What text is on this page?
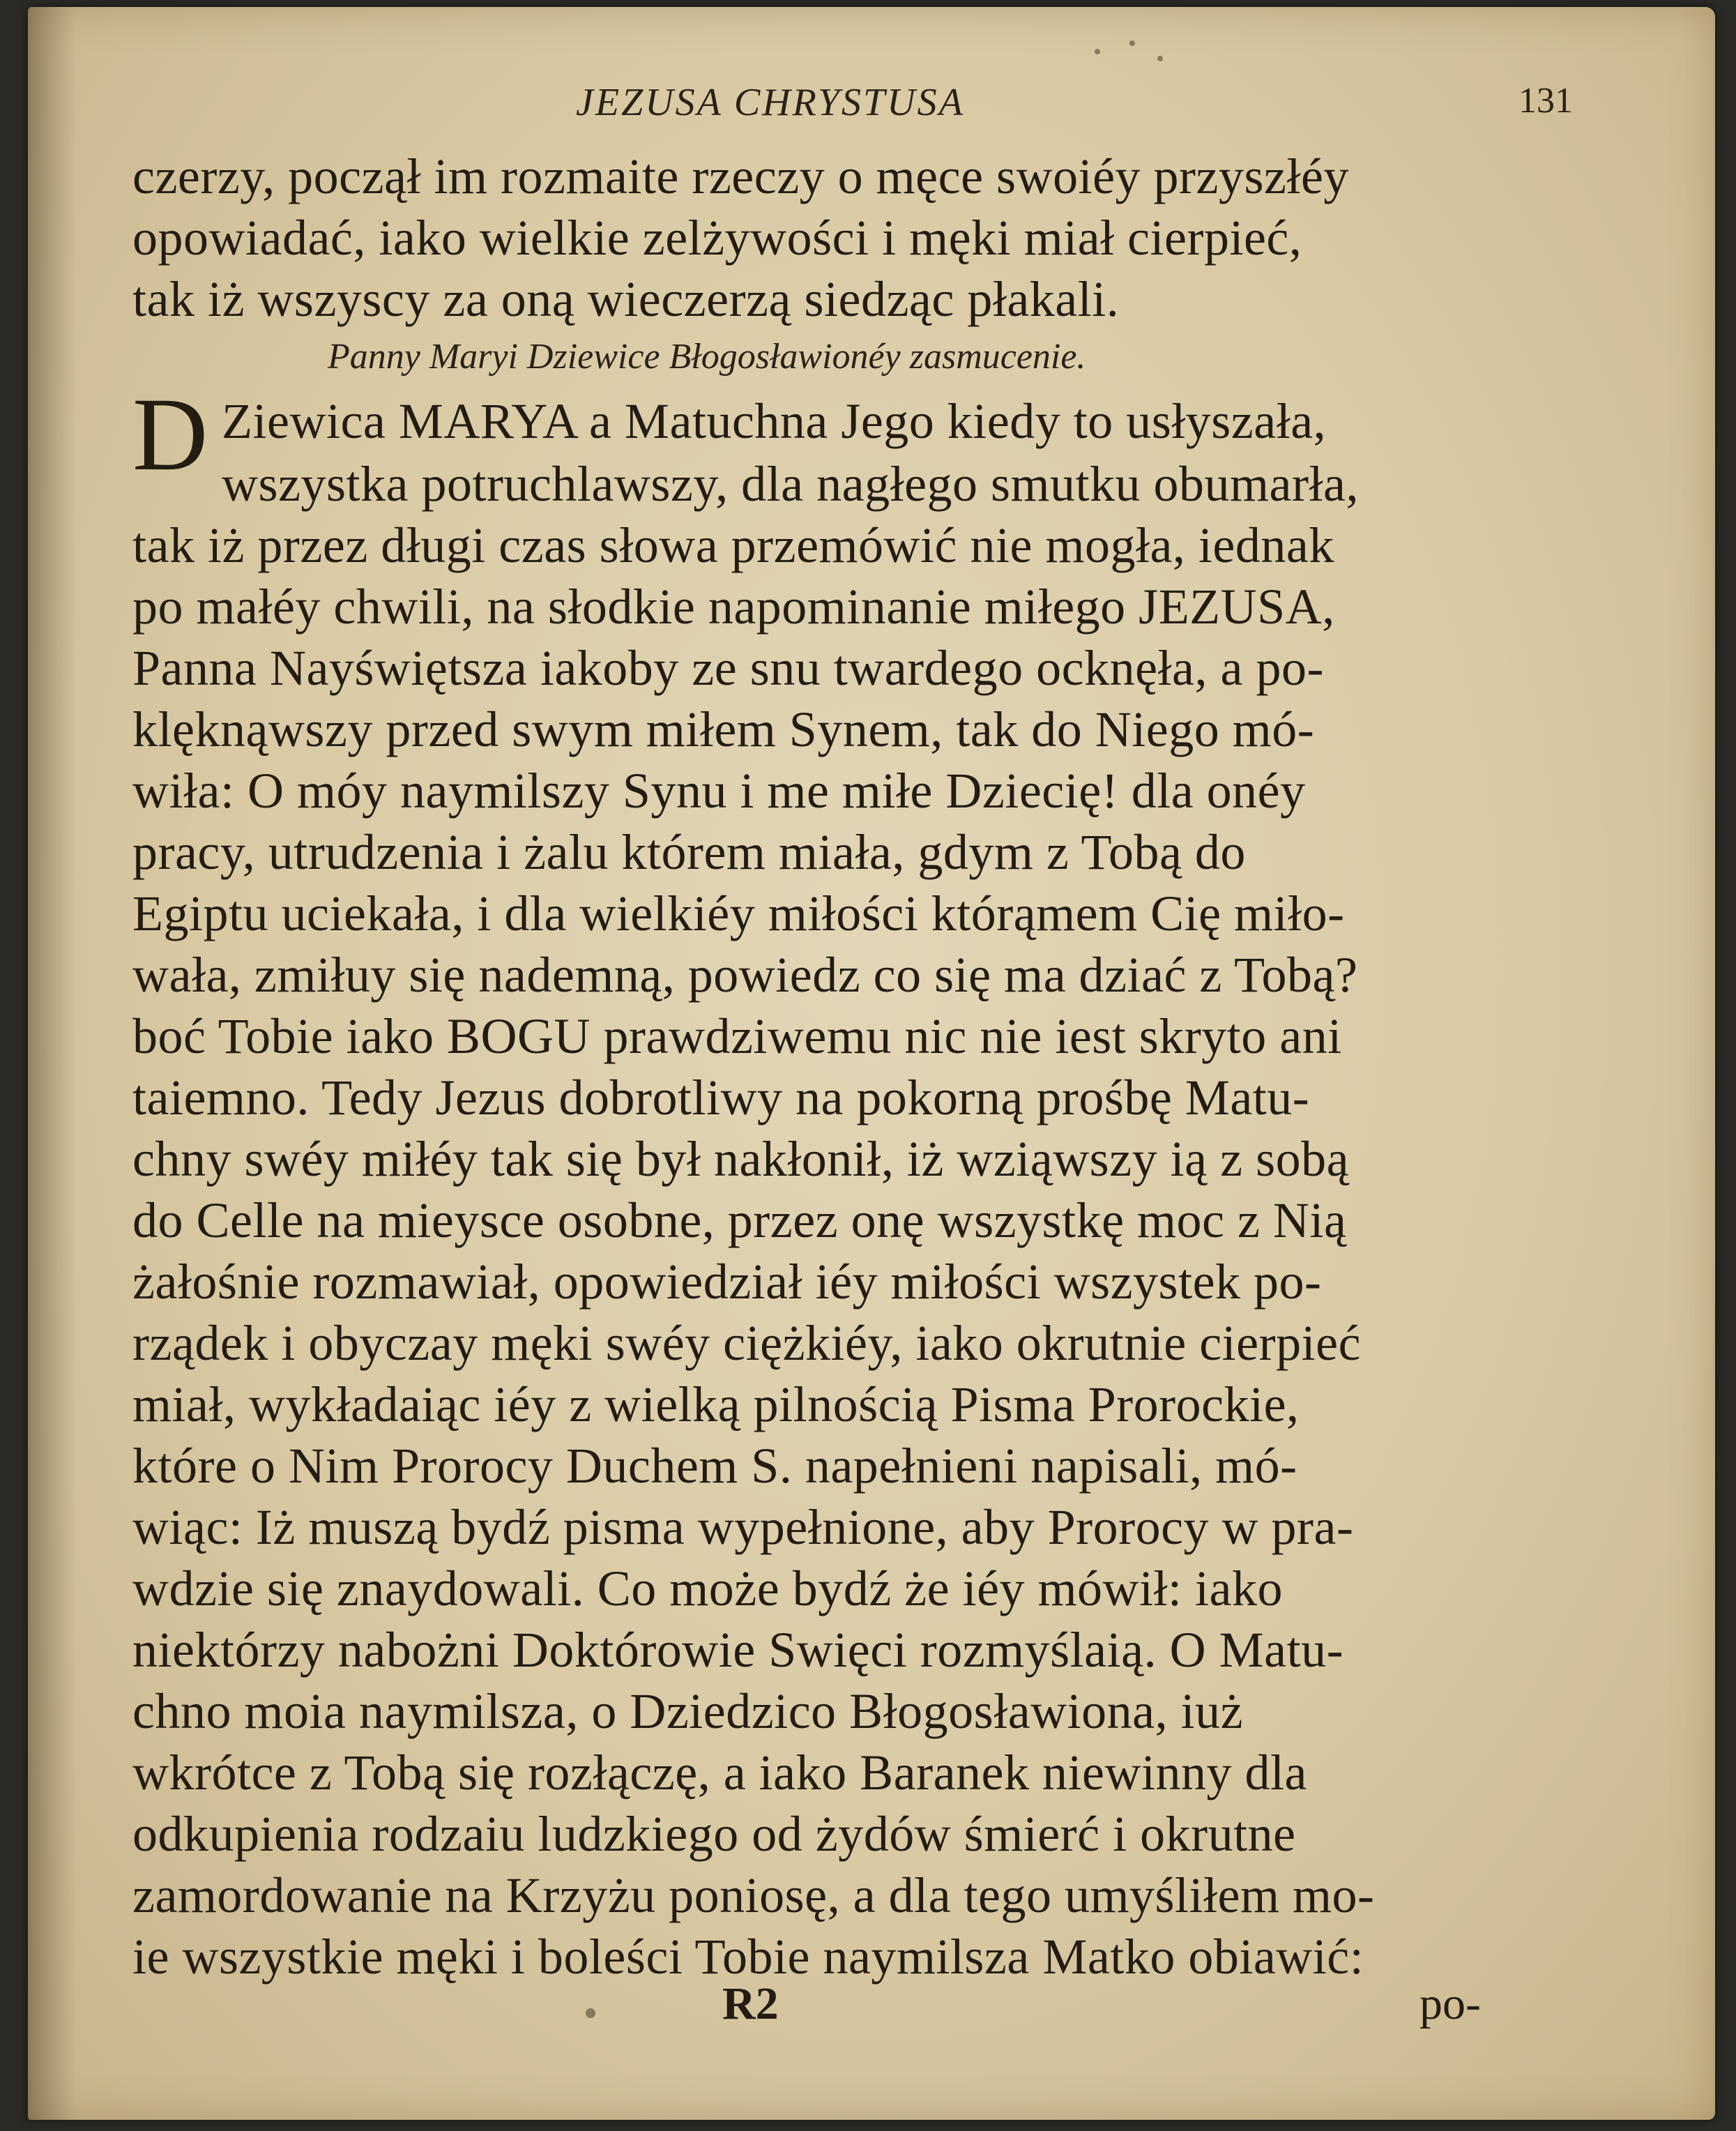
JEZUSA CHRYSTUSA	131
czerzy, począł im rozmaite rzeczy o męce swoiéy przyszłéy
opowiadać, iako wielkie zelżywości i męki miał cierpieć,
tak iż wszyscy za oną wieczerzą siedząc płakali.
Panny Maryi Dziewice Błogosławionéy zasmucenie.
D Ziewica MARYA a Matuchna Jego kiedy to usłyszała,
wszystka potruchlawszy, dla nagłego smutku obumarła,
tak iż przez długi czas słowa przemówić nie mogła, iednak
po małéy chwili, na słodkie napominanie miłego JEZUSA,
Panna Nayświętsza iakoby ze snu twardego ocknęła, a po-
klęknąwszy przed swym miłem Synem, tak do Niego mó-
wiła: O móy naymilszy Synu i me miłe Dziecię! dla onéy
pracy, utrudzenia i żalu którem miała, gdym z Tobą do
Egiptu uciekała, i dla wielkiéy miłości którąmem Cię miło-
wała, zmiłuy się nademną, powiedz co się ma dziać z Tobą?
boć Tobie iako BOGU prawdziwemu nic nie iest skryto ani
taiemno. Tedy Jezus dobrotliwy na pokorną prośbę Matu-
chny swéy miłéy tak się był nakłonił, iż wziąwszy ią z sobą
do Celle na mieysce osobne, przez onę wszystkę moc z Nią
żałośnie rozmawiał, opowiedział iéy miłości wszystek po-
rządek i obyczay męki swéy ciężkiéy, iako okrutnie cierpieć
miał, wykładaiąc iéy z wielką pilnością Pisma Prorockie,
które o Nim Prorocy Duchem S. napełnieni napisali, mó-
wiąc: Iż muszą bydź pisma wypełnione, aby Prorocy w pra-
wdzie się znaydowali. Co może bydź że iéy mówił: iako
niektórzy nabożni Doktórowie Swięci rozmyślaią. O Matu-
chno moia naymilsza, o Dziedzico Błogosławiona, iuż
wkrótce z Tobą się rozłączę, a iako Baranek niewinny dla
odkupienia rodzaiu ludzkiego od żydów śmierć i okrutne
zamordowanie na Krzyżu poniosę, a dla tego umyśliłem mo-
ie wszystkie męki i boleści Tobie naymilsza Matko obiawić:
R2	po-
